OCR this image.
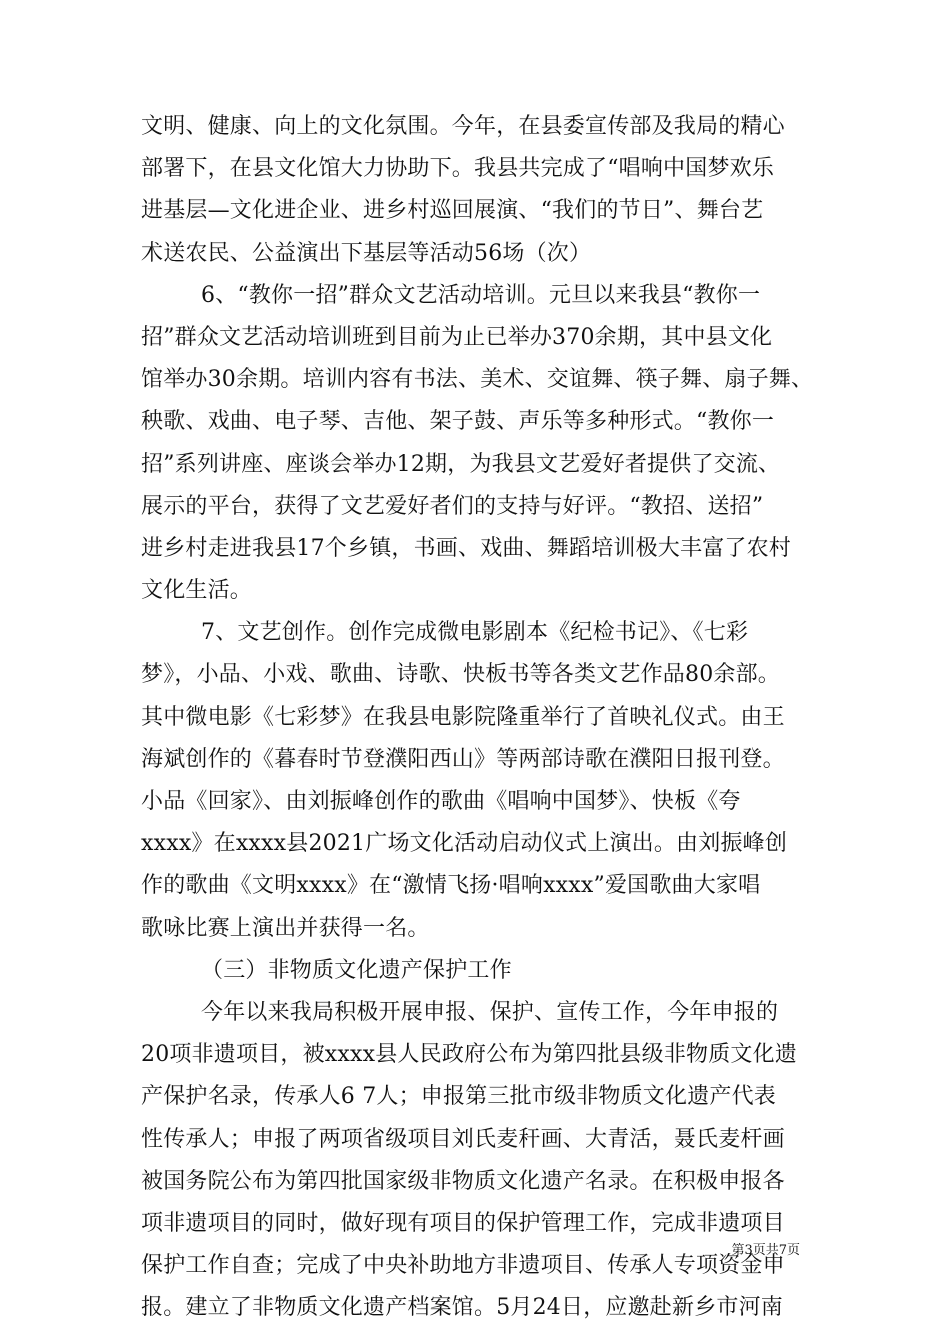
文明、健康、向上的文化氛围。今年，在县委宣传部及我局的精心
部署下，在县文化馆大力协助下。我县共完成了“唱响中国梦欢乐
进基层—文化进企业、进乡村巡回展演、“我们的节日”、舞台艺
术送农民、公益演出下基层等活动56场（次）
6、“教你一招”群众文艺活动培训。元旦以来我县“教你一
招”群众文艺活动培训班到目前为止已举办370余期，其中县文化
馆举办30余期。培训内容有书法、美术、交谊舞、筷子舞、扇子舞、
秧歌、戏曲、电子琴、吉他、架子鼓、声乐等多种形式。“教你一
招”系列讲座、座谈会举办12期，为我县文艺爱好者提供了交流、
展示的平台，获得了文艺爱好者们的支持与好评。“教招、送招”
进乡村走进我县17个乡镇，书画、戏曲、舞蹈培训极大丰富了农村
文化生活。
7、文艺创作。创作完成微电影剧本《纪检书记》、《七彩
梦》，小品、小戏、歌曲、诗歌、快板书等各类文艺作品80余部。
其中微电影《七彩梦》在我县电影院隆重举行了首映礼仪式。由王
海斌创作的《暮春时节登濮阳西山》等两部诗歌在濮阳日报刊登。
小品《回家》、由刘振峰创作的歌曲《唱响中国梦》、快板《夸
xxxx》在xxxx县2021广场文化活动启动仪式上演出。由刘振峰创
作的歌曲《文明xxxx》在“激情飞扬·唱响xxxx”爱国歌曲大家唱
歌咏比赛上演出并获得一名。
（三）非物质文化遗产保护工作
今年以来我局积极开展申报、保护、宣传工作，今年申报的
20项非遗项目，被xxxx县人民政府公布为第四批县级非物质文化遗
产保护名录，传承人6 7人；申报第三批市级非物质文化遗产代表
性传承人；申报了两项省级项目刘氏麦秆画、大青活，聂氏麦杆画
被国务院公布为第四批国家级非物质文化遗产名录。在积极申报各
项非遗项目的同时，做好现有项目的保护管理工作，完成非遗项目
保护工作自查；完成了中央补助地方非遗项目、传承人专项资金申
报。建立了非物质文化遗产档案馆。5月24日，应邀赴新乡市河南
第3页共7页
